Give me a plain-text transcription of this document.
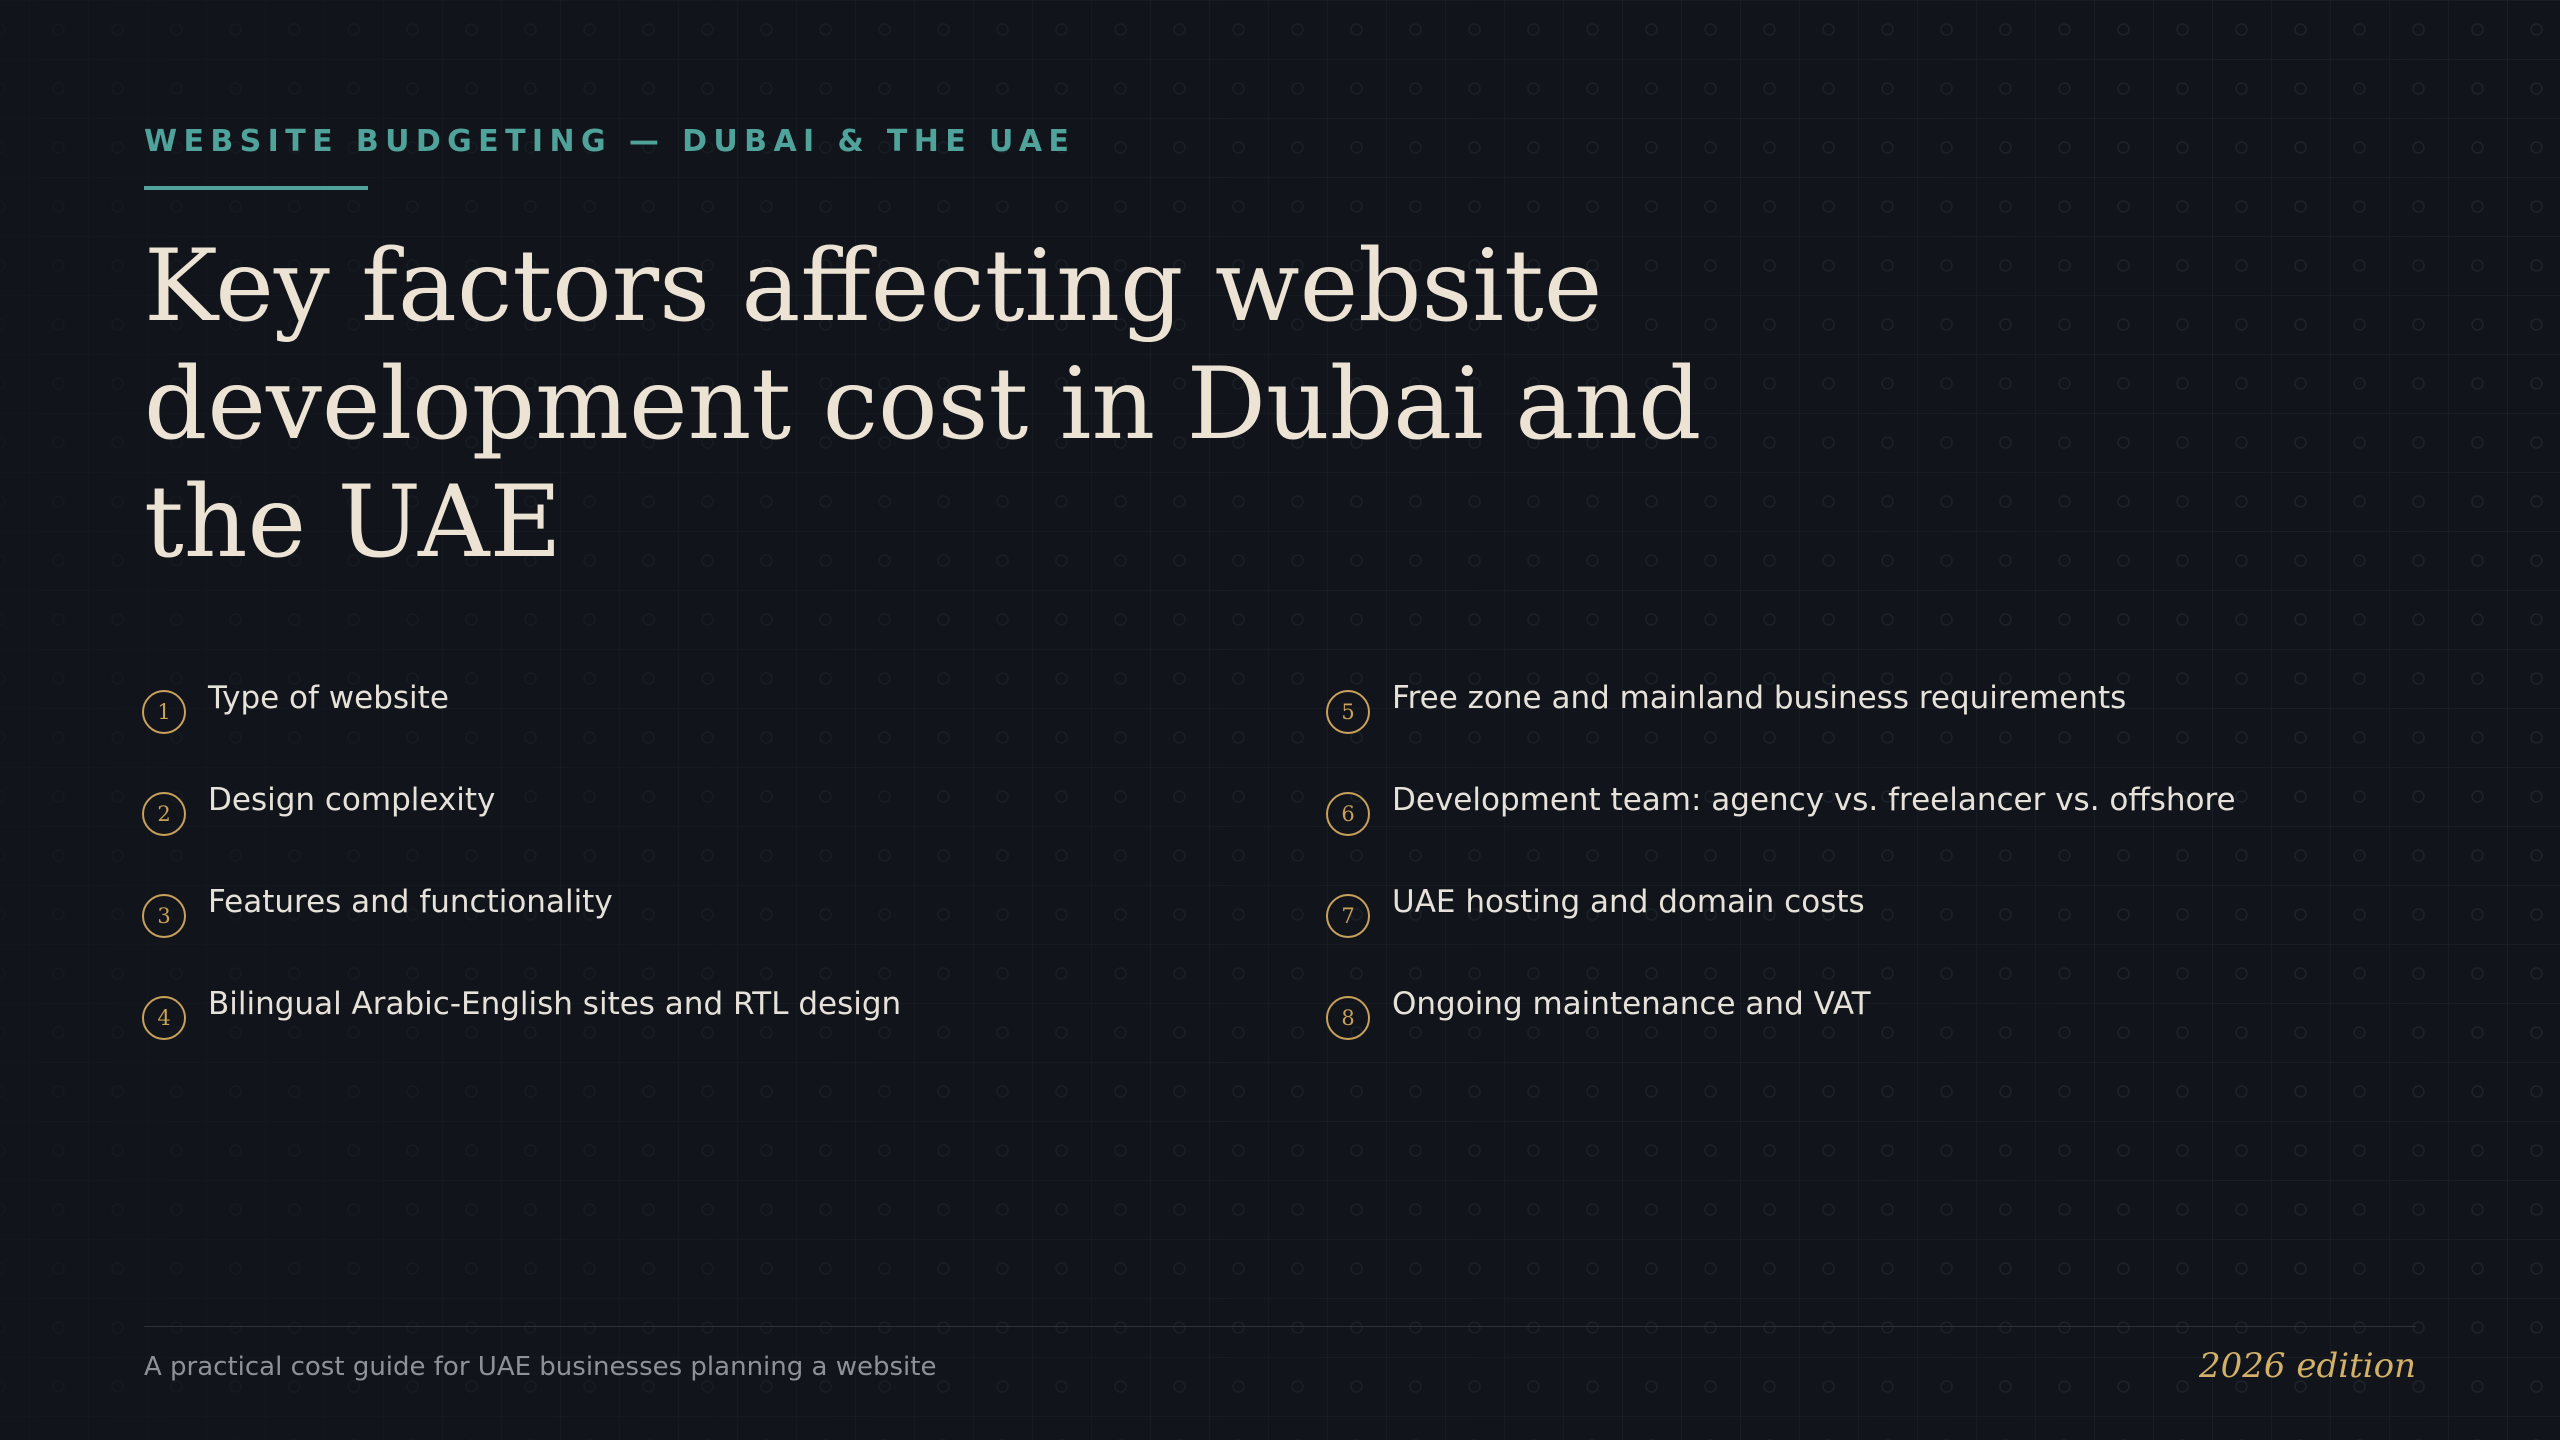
WEBSITE BUDGETING — DUBAI & THE UAE
Key factors affecting website development cost in Dubai and the UAE
1	Type of website
2	Design complexity
3	Features and functionality
4	Bilingual Arabic-English sites and RTL design
5	Free zone and mainland business requirements
6	Development team: agency vs. freelancer vs. offshore
7	UAE hosting and domain costs
8	Ongoing maintenance and VAT
A practical cost guide for UAE businesses planning a website	2026 edition
